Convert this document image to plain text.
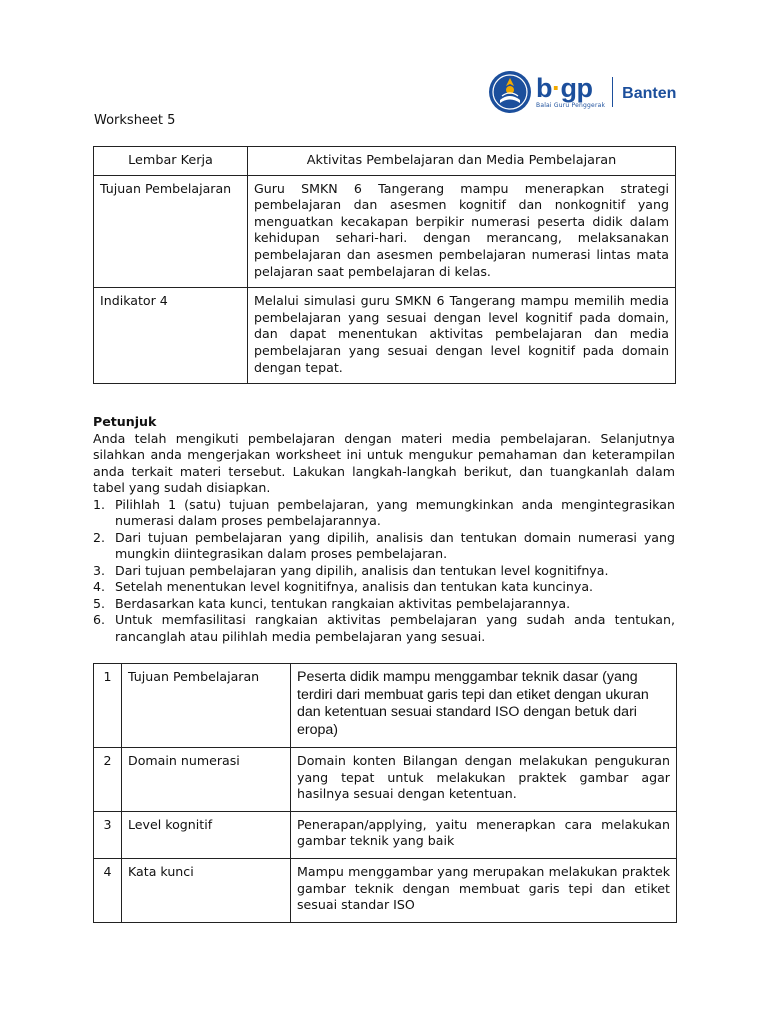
b·gp
Balai Guru Penggerak
Banten
Worksheet 5
Lembar Kerja	Aktivitas Pembelajaran dan Media Pembelajaran
Tujuan Pembelajaran	Guru SMKN 6 Tangerang mampu menerapkan strategi pembelajaran dan asesmen kognitif dan nonkognitif yang menguatkan kecakapan berpikir numerasi peserta didik dalam kehidupan sehari-hari. dengan merancang, melaksanakan pembelajaran dan asesmen pembelajaran numerasi lintas mata pelajaran saat pembelajaran di kelas.
Indikator 4	Melalui simulasi guru SMKN 6 Tangerang mampu memilih media pembelajaran yang sesuai dengan level kognitif pada domain, dan dapat menentukan aktivitas pembelajaran dan media pembelajaran yang sesuai dengan level kognitif pada domain dengan tepat.
Petunjuk

Anda telah mengikuti pembelajaran dengan materi media pembelajaran. Selanjutnya silahkan anda mengerjakan worksheet ini untuk mengukur pemahaman dan keterampilan anda terkait materi tersebut. Lakukan langkah-langkah berikut, dan tuangkanlah dalam tabel yang sudah disiapkan.

1. Pilihlah 1 (satu) tujuan pembelajaran, yang memungkinkan anda mengintegrasikan numerasi dalam proses pembelajarannya.
2. Dari tujuan pembelajaran yang dipilih, analisis dan tentukan domain numerasi yang mungkin diintegrasikan dalam proses pembelajaran.
3. Dari tujuan pembelajaran yang dipilih, analisis dan tentukan level kognitifnya.
4. Setelah menentukan level kognitifnya, analisis dan tentukan kata kuncinya.
5. Berdasarkan kata kunci, tentukan rangkaian aktivitas pembelajarannya.
6. Untuk memfasilitasi rangkaian aktivitas pembelajaran yang sudah anda tentukan, rancanglah atau pilihlah media pembelajaran yang sesuai.
1	Tujuan Pembelajaran	Peserta didik mampu menggambar teknik dasar (yang terdiri dari membuat garis tepi dan etiket dengan ukuran dan ketentuan sesuai standard ISO dengan betuk dari eropa)
2	Domain numerasi	Domain konten Bilangan dengan melakukan pengukuran yang tepat untuk melakukan praktek gambar agar hasilnya sesuai dengan ketentuan.
3	Level kognitif	Penerapan/applying, yaitu menerapkan cara melakukan gambar teknik yang baik
4	Kata kunci	Mampu menggambar yang merupakan melakukan praktek gambar teknik dengan membuat garis tepi dan etiket sesuai standar ISO
